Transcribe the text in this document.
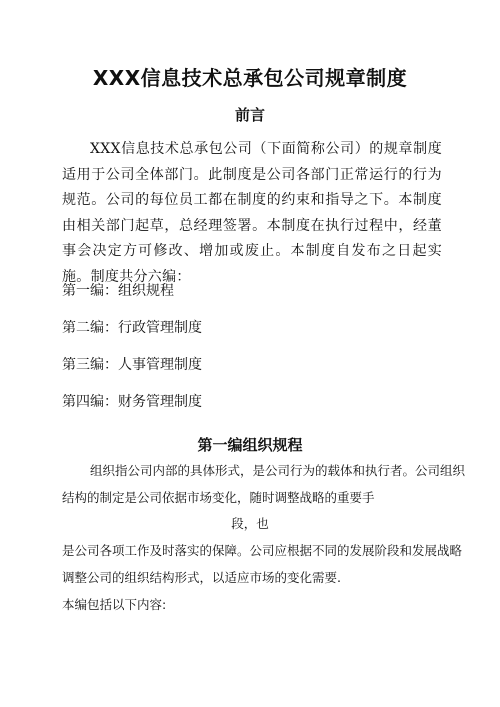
XXX信息技术总承包公司规章制度
前言

XXX信息技术总承包公司（下面简称公司）的规章制度适用于公司全体部门。此制度是公司各部门正常运行的行为规范。公司的每位员工都在制度的约束和指导之下。本制度由相关部门起草，总经理签署。本制度在执行过程中，经董事会决定方可修改、增加或废止。本制度自发布之日起实施。制度共分六编：

第一编：组织规程

第二编：行政管理制度

第三编：人事管理制度

第四编：财务管理制度

第一编组织规程

组织指公司内部的具体形式，是公司行为的载体和执行者。公司组织

结构的制定是公司依据市场变化，随时调整战略的重要手

段，也

是公司各项工作及时落实的保障。公司应根据不同的发展阶段和发展战略

调整公司的组织结构形式，以适应市场的变化需要.

本编包括以下内容:
